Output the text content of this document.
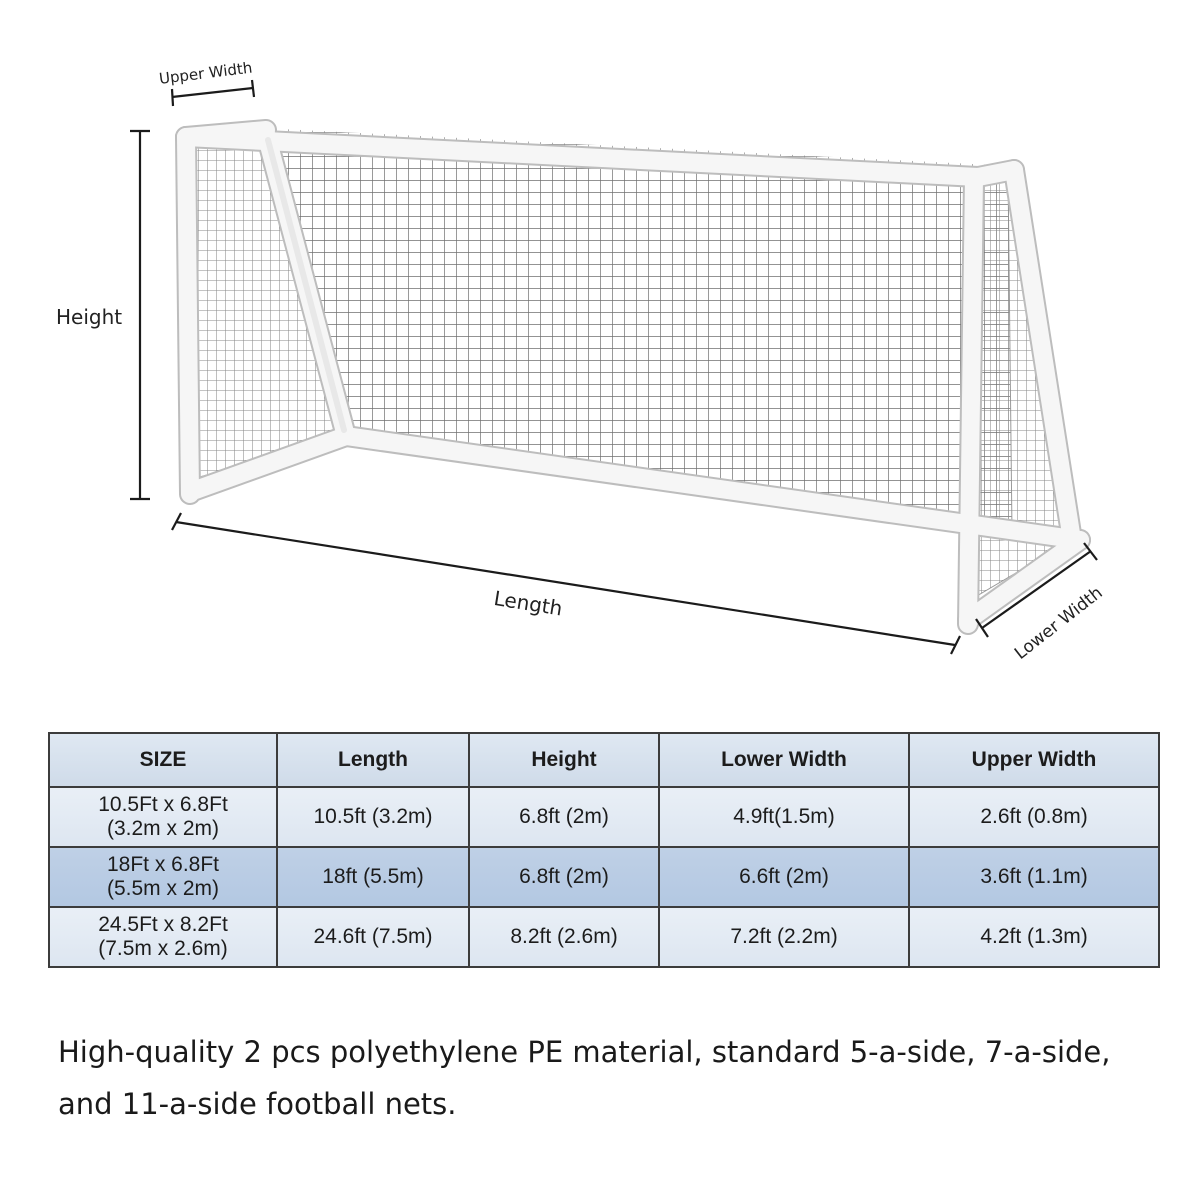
Upper Width
Height
Length	Lower Width
SIZE	Length	Height	Lower Width	Upper Width

10.5Ft x 6.8Ft
(3.2m x 2m)	10.5ft (3.2m)	6.8ft (2m)	4.9ft(1.5m)	2.6ft (0.8m)

18Ft x 6.8Ft
(5.5m x 2m)	18ft (5.5m)	6.8ft (2m)	6.6ft (2m)	3.6ft (1.1m)

24.5Ft x 8.2Ft
(7.5m x 2.6m)	24.6ft (7.5m)	8.2ft (2.6m)	7.2ft (2.2m)	4.2ft (1.3m)

High-quality 2 pcs polyethylene PE material, standard 5-a-side, 7-a-side, and 11-a-side football nets.
